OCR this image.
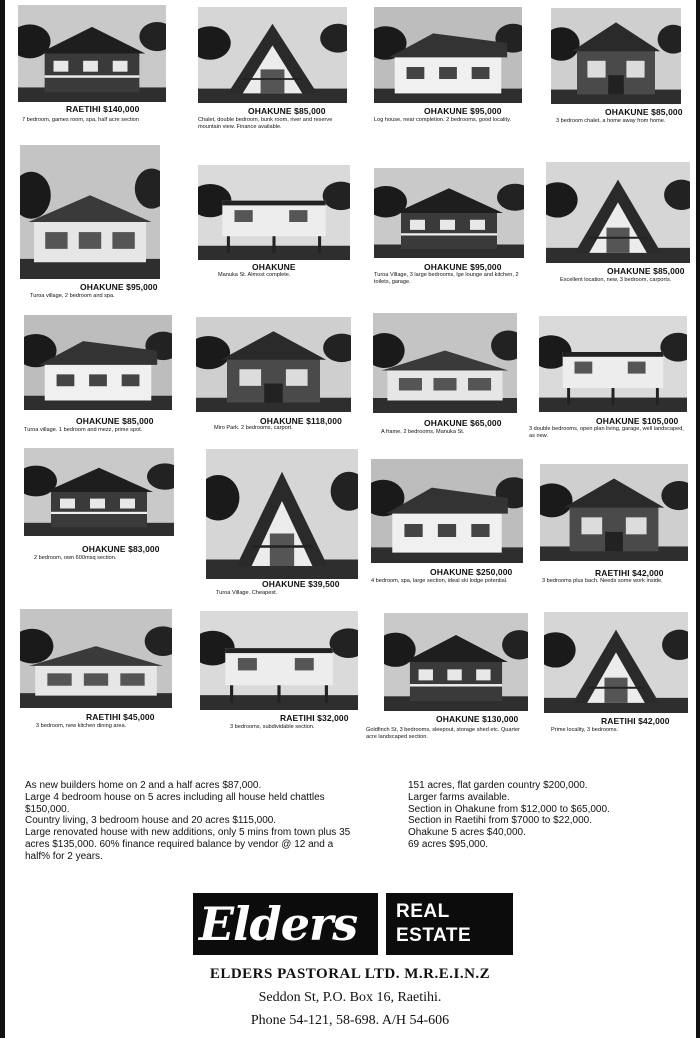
RAETIHI $140,000
7 bedroom, games room, spa, half acre section
OHAKUNE $85,000
Chalet, double bedroom, bunk room, river and reserve mountain view. Finance available.
OHAKUNE $95,000
Log house, near completion. 2 bedrooms, good locality.
OHAKUNE $85,000
3 bedroom chalet, a home away from home.
OHAKUNE $95,000
Turoa village, 2 bedroom and spa.
OHAKUNE
Manuka St. Almost complete.
OHAKUNE $95,000
Turoa Village, 3 large bedrooms, lge lounge and kitchen, 2 toilets, garage.
OHAKUNE $85,000
Excellent location, new, 3 bedroom, carports.
OHAKUNE $85,000
Turoa village. 1 bedroom and mezz, prime spot.
OHAKUNE $118,000
Miro Park. 2 bedrooms, carport.	OHAKUNE $65,000
A frame, 2 bedrooms, Manuka St.
OHAKUNE $105,000
3 double bedrooms, open plan living, garage, well landscaped, as new.
OHAKUNE $83,000
2 bedroom, own 600msq section.
OHAKUNE $39,500
Turoa Village. Cheapest.
OHAKUNE $250,000
4 bedroom, spa, large section, ideal ski lodge potential.
RAETIHI $42,000
3 bedrooms plus bach. Needs some work inside.
RAETIHI $45,000
3 bedroom, new kitchen dining area.
RAETIHI $32,000
3 bedrooms, subdividable section.
OHAKUNE $130,000
Goldfinch St, 3 bedrooms, sleepout, storage shed etc. Quarter acre landscaped section.
RAETIHI $42,000
Prime locality, 3 bedrooms.
As new builders home on 2 and a half acres $87,000.
Large 4 bedroom house on 5 acres including all house held chattles
$150,000.
Country living, 3 bedroom house and 20 acres $115,000.
Large renovated house with new additions, only 5 mins from town plus 35
acres $135,000. 60% finance required balance by vendor @ 12 and a
half% for 2 years.
151 acres, flat garden country $200,000.
Larger farms available.
Section in Ohakune from $12,000 to $65,000.
Section in Raetihi from $7000 to $22,000.
Ohakune 5 acres $40,000.
69 acres $95,000.
Elders REAL
ESTATE
ELDERS PASTORAL LTD. M.R.E.I.N.Z
Seddon St, P.O. Box 16, Raetihi.
Phone 54-121, 58-698. A/H 54-606
